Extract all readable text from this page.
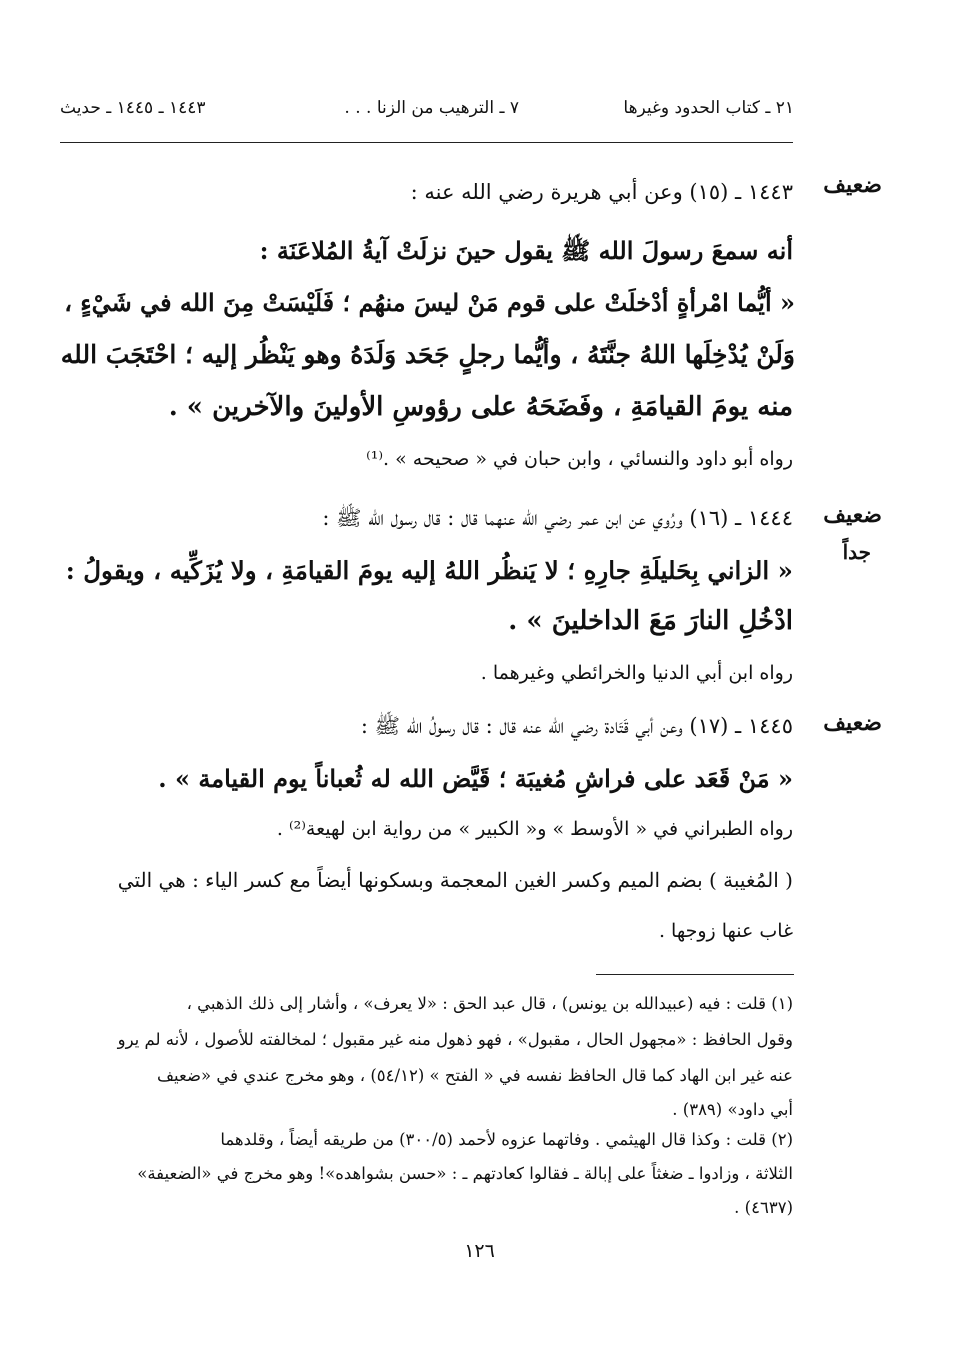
٢١ ـ كتاب الحدود وغيرها
٧ ـ الترهيب من الزنا . . .
١٤٤٣ ـ ١٤٤٥ ـ حديث
ضعيف
١٤٤٣ ـ (١٥) وعن أبي هريرة رضي الله عنه :
أنه سمعَ رسولَ الله ﷺ يقول حينَ نزلَتْ آيةُ المُلاعَنَة :
« أيُّما امْرأةٍ أدْخلَتْ على قوم مَنْ ليسَ منهُم ؛ فَلَيْسَتْ مِنَ الله في شَيْءٍ ،
وَلَنْ يُدْخِلَها اللهُ جنَّتَهُ ، وأيُّما رجلٍ جَحَد وَلَدَهُ وهو يَنْظُر إليه ؛ احْتَجَبَ الله
منه يومَ القيامَةِ ، وفَضَحَهُ على رؤوسِ الأولينَ والآخرين » .
رواه أبو داود والنسائي ، وابن حبان في « صحيحه » .⁽¹⁾
ضعيف
جداً
١٤٤٤ ـ (١٦) ورُوي عن ابن عمر رضي الله عنهما قال : قال رسول الله ﷺ :
« الزاني بِحَليلَةِ جارِهِ ؛ لا يَنظُر اللهُ إليه يومَ القيامَةِ ، ولا يُزَكِّيه ، ويقولُ :
ادْخُلِ النارَ مَعَ الداخلينَ » .
رواه ابن أبي الدنيا والخرائطي وغيرهما .
ضعيف
١٤٤٥ ـ (١٧) وعن أبي قَتَادة رضي الله عنه قال : قال رسولُ الله ﷺ :
« مَنْ قَعَد على فراشِ مُغيبَة ؛ قَيَّض الله له ثُعباناً يوم القيامة » .
رواه الطبراني في « الأوسط » و« الكبير » من رواية ابن لهيعة⁽²⁾ .
( المُغيبة ) بضم الميم وكسر الغين المعجمة وبسكونها أيضاً مع كسر الياء : هي التي
غاب عنها زوجها .
(١) قلت : فيه (عبيدالله بن يونس) ، قال عبد الحق : «لا يعرف» ، وأشار إلى ذلك الذهبي ،
وقول الحافظ : «مجهول الحال ، مقبول» ، فهو ذهول منه غير مقبول ؛ لمخالفته للأصول ، لأنه لم يرو
عنه غير ابن الهاد كما قال الحافظ نفسه في « الفتح » (٥٤/١٢) ، وهو مخرج عندي في «ضعيف
أبي داود» (٣٨٩) .
(٢) قلت : وكذا قال الهيثمي . وفاتهما عزوه لأحمد (٣٠٠/٥) من طريقه أيضاً ، وقلدهما
الثلاثة ، وزادوا ـ ضغثاً على إبالة ـ فقالوا كعادتهم ـ : «حسن بشواهده»! وهو مخرج في «الضعيفة»
(٤٦٣٧) .
١٢٦
